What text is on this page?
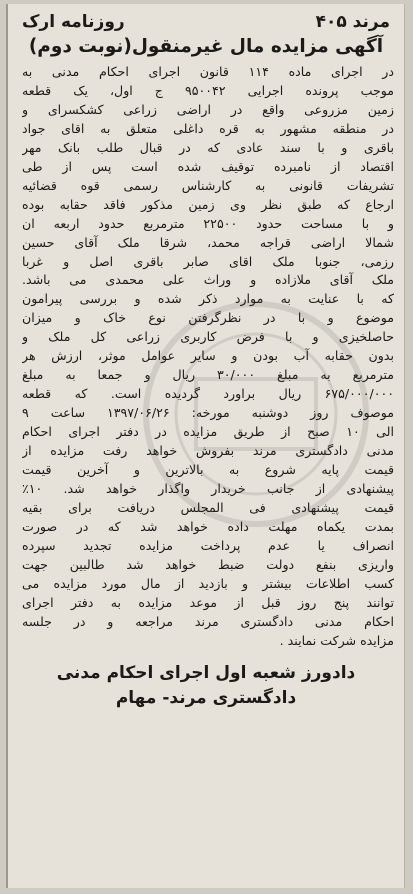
مرند ۴۰۵
روزنامه ارک
آگهی مزایده مال غیرمنقول(نوبت دوم)
در اجرای ماده ۱۱۴ قانون اجرای احکام مدنی به
موجب پرونده اجرایی ۹۵۰۰۴۲ ج اول، یک قطعه
زمین مزروعی واقع در اراضی زراعی کشکسرای و
در منطقه مشهور به قره داغلی متعلق به اقای جواد
باقری و با سند عادی که در قبال طلب بانک مهر
اقتصاد از نامبرده توقیف شده است پس از طی
تشریفات قانونی به کارشناس رسمی قوه قضائیه
ارجاع که طبق نظر وی زمین مذکور فاقد حقابه بوده
و با مساحت حدود ۲۲۵۰۰ مترمربع حدود اربعه ان
شمالا اراضی قراجه محمد، شرقا ملک آقای حسین
رزمی، جنوبا ملک اقای صابر باقری اصل و غربا
ملک آقای ملازاده و وراث علی محمدی می باشد.
که با عنایت به موارد ذکر شده و بررسی پیرامون
موضوع و با در نظرگرفتن نوع خاک و میزان
حاصلخیزی و با فرض کاربری زراعی کل ملک و
بدون حقابه آب بودن و سایر عوامل موثر، ارزش هر
مترمربع به مبلغ ۳۰/۰۰۰ ریال و جمعا به مبلغ
۶۷۵/۰۰۰/۰۰۰ ریال براورد گردیده است. که قطعه
موصوف روز دوشنبه مورخه: ۱۳۹۷/۰۶/۲۶ ساعت ۹
الی ۱۰ صبح از طریق مزایده در دفتر اجرای احکام
مدنی دادگستری مرند بفروش خواهد رفت مزایده از
قیمت پایه شروع به بالاترین و آخرین قیمت
پیشنهادی از جانب خریدار واگذار خواهد شد. ۱۰٪
قیمت پیشنهادی فی المجلس دریافت برای بقیه
بمدت یکماه مهلت داده خواهد شد که در صورت
انصراف یا عدم پرداخت مزایده تجدید سپرده
واریزی بنفع دولت ضبط خواهد شد طالبین جهت
کسب اطلاعات بیشتر و بازدید از مال مورد مزایده می
توانند پنج روز قبل از موعد مزایده به دفتر اجرای
احکام مدنی دادگستری مرند مراجعه و در جلسه
مزایده شرکت نمایند .
دادورز شعبه اول اجرای احکام مدنی
دادگستری مرند- مهام
